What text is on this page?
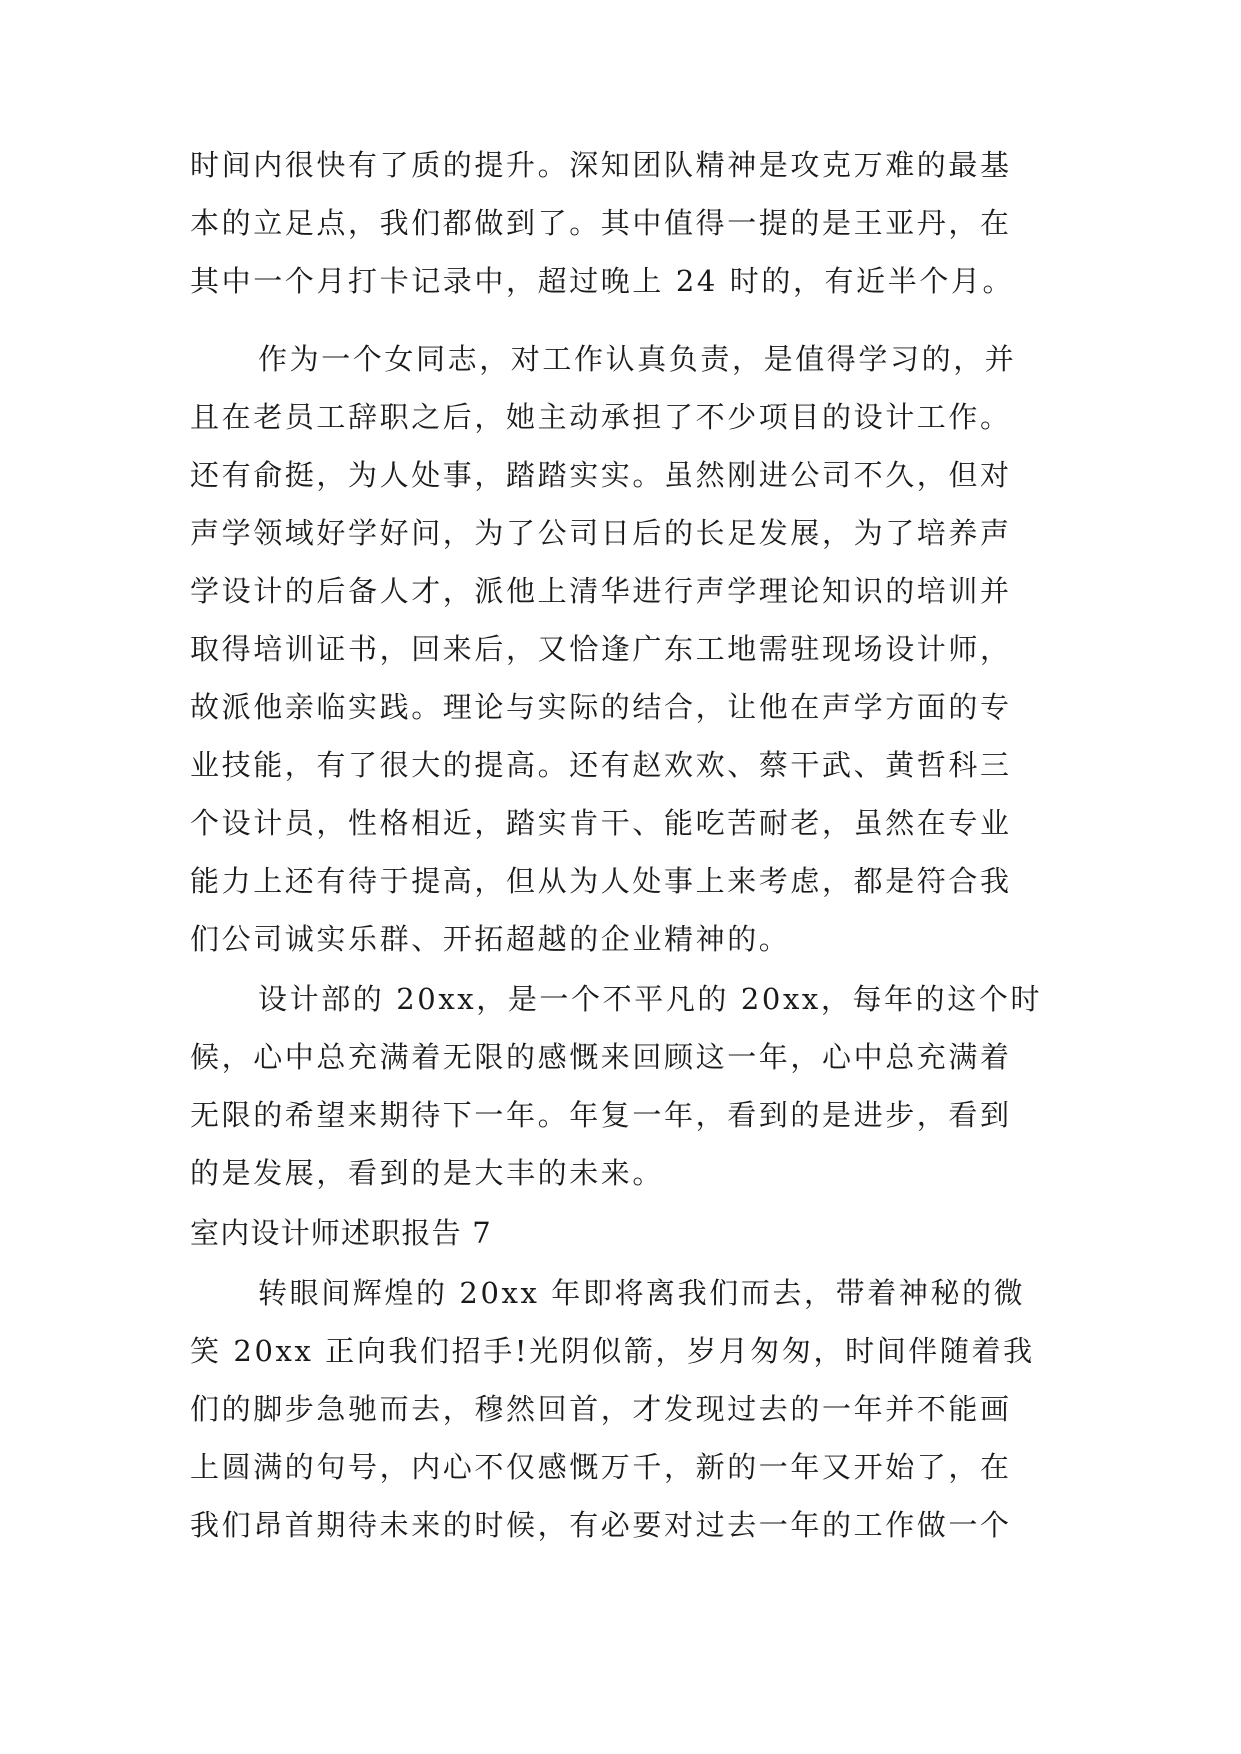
时间内很快有了质的提升。深知团队精神是攻克万难的最基
本的立足点，我们都做到了。其中值得一提的是王亚丹，在
其中一个月打卡记录中，超过晚上 24 时的，有近半个月。
作为一个女同志，对工作认真负责，是值得学习的，并
且在老员工辞职之后，她主动承担了不少项目的设计工作。
还有俞挺，为人处事，踏踏实实。虽然刚进公司不久，但对
声学领域好学好问，为了公司日后的长足发展，为了培养声
学设计的后备人才，派他上清华进行声学理论知识的培训并
取得培训证书，回来后，又恰逢广东工地需驻现场设计师，
故派他亲临实践。理论与实际的结合，让他在声学方面的专
业技能，有了很大的提高。还有赵欢欢、蔡干武、黄哲科三
个设计员，性格相近，踏实肯干、能吃苦耐老，虽然在专业
能力上还有待于提高，但从为人处事上来考虑，都是符合我
们公司诚实乐群、开拓超越的企业精神的。
设计部的 20xx，是一个不平凡的 20xx，每年的这个时
候，心中总充满着无限的感慨来回顾这一年，心中总充满着
无限的希望来期待下一年。年复一年，看到的是进步，看到
的是发展，看到的是大丰的未来。
室内设计师述职报告 7
转眼间辉煌的 20xx 年即将离我们而去，带着神秘的微
笑 20xx 正向我们招手!光阴似箭，岁月匆匆，时间伴随着我
们的脚步急驰而去，穆然回首，才发现过去的一年并不能画
上圆满的句号，内心不仅感慨万千，新的一年又开始了，在
我们昂首期待未来的时候，有必要对过去一年的工作做一个
